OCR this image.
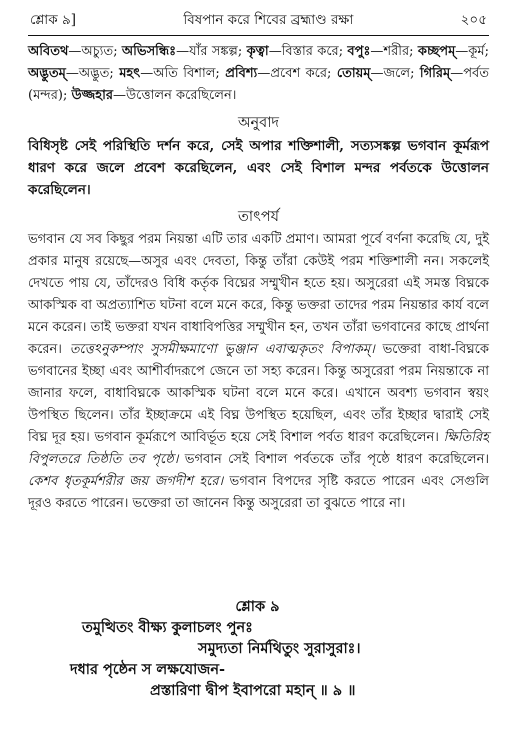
শ্লোক ৯]	বিষপান করে শিবের ব্রহ্মাণ্ড রক্ষা	২০৫

অবিতথ—অচ্যুত; অভিসন্ধিঃ—যাঁর সঙ্কল্প; কৃত্বা—বিস্তার করে; বপুঃ—শরীর; কচ্ছপম্—কূর্ম; অদ্ভুতম্—অদ্ভুত; মহৎ—অতি বিশাল; প্রবিশ্য—প্রবেশ করে; তোয়ম্—জলে; গিরিম্—পর্বত (মন্দর); উজ্জহার—উত্তোলন করেছিলেন।

অনুবাদ

বিধিসৃষ্ট সেই পরিস্থিতি দর্শন করে, সেই অপার শক্তিশালী, সত্যসঙ্কল্প ভগবান কূর্মরূপ ধারণ করে জলে প্রবেশ করেছিলেন, এবং সেই বিশাল মন্দর পর্বতকে উত্তোলন করেছিলেন।

তাৎপর্য

ভগবান যে সব কিছুর পরম নিয়ন্তা এটি তার একটি প্রমাণ। আমরা পূর্বে বর্ণনা করেছি যে, দুই প্রকার মানুষ রয়েছে—অসুর এবং দেবতা, কিন্তু তাঁরা কেউই পরম শক্তিশালী নন। সকলেই দেখতে পায় যে, তাঁদেরও বিধি কর্তৃক বিঘ্নের সম্মুখীন হতে হয়। অসুরেরা এই সমস্ত বিঘ্নকে আকস্মিক বা অপ্রত্যাশিত ঘটনা বলে মনে করে, কিন্তু ভক্তরা তাদের পরম নিয়ন্তার কার্য বলে মনে করেন। তাই ভক্তরা যখন বাধাবিপত্তির সম্মুখীন হন, তখন তাঁরা ভগবানের কাছে প্রার্থনা করেন। তত্তেঽনুকম্পাং সুসমীক্ষমাণো ভুঞ্জান এবাত্মকৃতং বিপাকম্। ভক্তেরা বাধা-বিঘ্নকে ভগবানের ইচ্ছা এবং আশীর্বাদরূপে জেনে তা সহ্য করেন। কিন্তু অসুরেরা পরম নিয়ন্তাকে না জানার ফলে, বাধাবিঘ্নকে আকস্মিক ঘটনা বলে মনে করে। এখানে অবশ্য ভগবান স্বয়ং উপস্থিত ছিলেন। তাঁর ইচ্ছাক্রমে এই বিঘ্ন উপস্থিত হয়েছিল, এবং তাঁর ইচ্ছার দ্বারাই সেই বিঘ্ন দূর হয়। ভগবান কূর্মরূপে আবির্ভূত হয়ে সেই বিশাল পর্বত ধারণ করেছিলেন। ক্ষিতিরিহ বিপুলতরে তিষ্ঠতি তব পৃষ্ঠে। ভগবান সেই বিশাল পর্বতকে তাঁর পৃষ্ঠে ধারণ করেছিলেন। কেশব ধৃতকূর্মশরীর জয় জগদীশ হরে। ভগবান বিপদের সৃষ্টি করতে পারেন এবং সেগুলি দূরও করতে পারেন। ভক্তেরা তা জানেন কিন্তু অসুরেরা তা বুঝতে পারে না।

শ্লোক ৯
তমুত্থিতং বীক্ষ্য কুলাচলং পুনঃ
সমুদ্যতা নির্মথিতুং সুরাসুরাঃ।
দধার পৃষ্ঠেন স লক্ষযোজন-
প্রস্তারিণা দ্বীপ ইবাপরো মহান্ ॥ ৯ ॥
